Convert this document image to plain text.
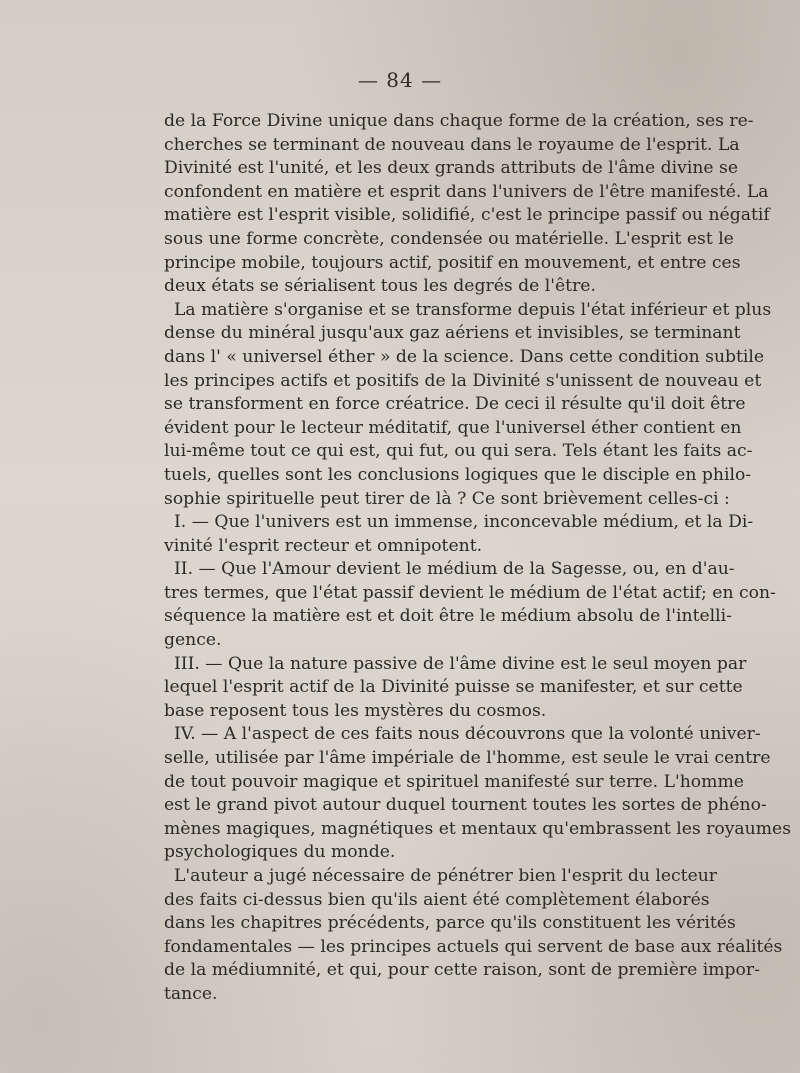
— 84 —

de la Force Divine unique dans chaque forme de la création, ses re-
cherches se terminant de nouveau dans le royaume de l'esprit. La
Divinité est l'unité, et les deux grands attributs de l'âme divine se
confondent en matière et esprit dans l'univers de l'être manifesté. La
matière est l'esprit visible, solidifié, c'est le principe passif ou négatif
sous une forme concrète, condensée ou matérielle. L'esprit est le
principe mobile, toujours actif, positif en mouvement, et entre ces
deux états se sérialisent tous les degrés de l'être.

La matière s'organise et se transforme depuis l'état inférieur et plus
dense du minéral jusqu'aux gaz aériens et invisibles, se terminant
dans l' « universel éther » de la science. Dans cette condition subtile
les principes actifs et positifs de la Divinité s'unissent de nouveau et
se transforment en force créatrice. De ceci il résulte qu'il doit être
évident pour le lecteur méditatif, que l'universel éther contient en
lui-même tout ce qui est, qui fut, ou qui sera. Tels étant les faits ac-
tuels, quelles sont les conclusions logiques que le disciple en philo-
sophie spirituelle peut tirer de là ? Ce sont brièvement celles-ci :

I. — Que l'univers est un immense, inconcevable médium, et la Di-
vinité l'esprit recteur et omnipotent.

II. — Que l'Amour devient le médium de la Sagesse, ou, en d'au-
tres termes, que l'état passif devient le médium de l'état actif; en con-
séquence la matière est et doit être le médium absolu de l'intelli-
gence.

III. — Que la nature passive de l'âme divine est le seul moyen par
lequel l'esprit actif de la Divinité puisse se manifester, et sur cette
base reposent tous les mystères du cosmos.

IV. — A l'aspect de ces faits nous découvrons que la volonté univer-
selle, utilisée par l'âme impériale de l'homme, est seule le vrai centre
de tout pouvoir magique et spirituel manifesté sur terre. L'homme
est le grand pivot autour duquel tournent toutes les sortes de phéno-
mènes magiques, magnétiques et mentaux qu'embrassent les royaumes
psychologiques du monde.

L'auteur a jugé nécessaire de pénétrer bien l'esprit du lecteur
des faits ci-dessus bien qu'ils aient été complètement élaborés
dans les chapitres précédents, parce qu'ils constituent les vérités
fondamentales — les principes actuels qui servent de base aux réalités
de la médiumnité, et qui, pour cette raison, sont de première impor-
tance.
